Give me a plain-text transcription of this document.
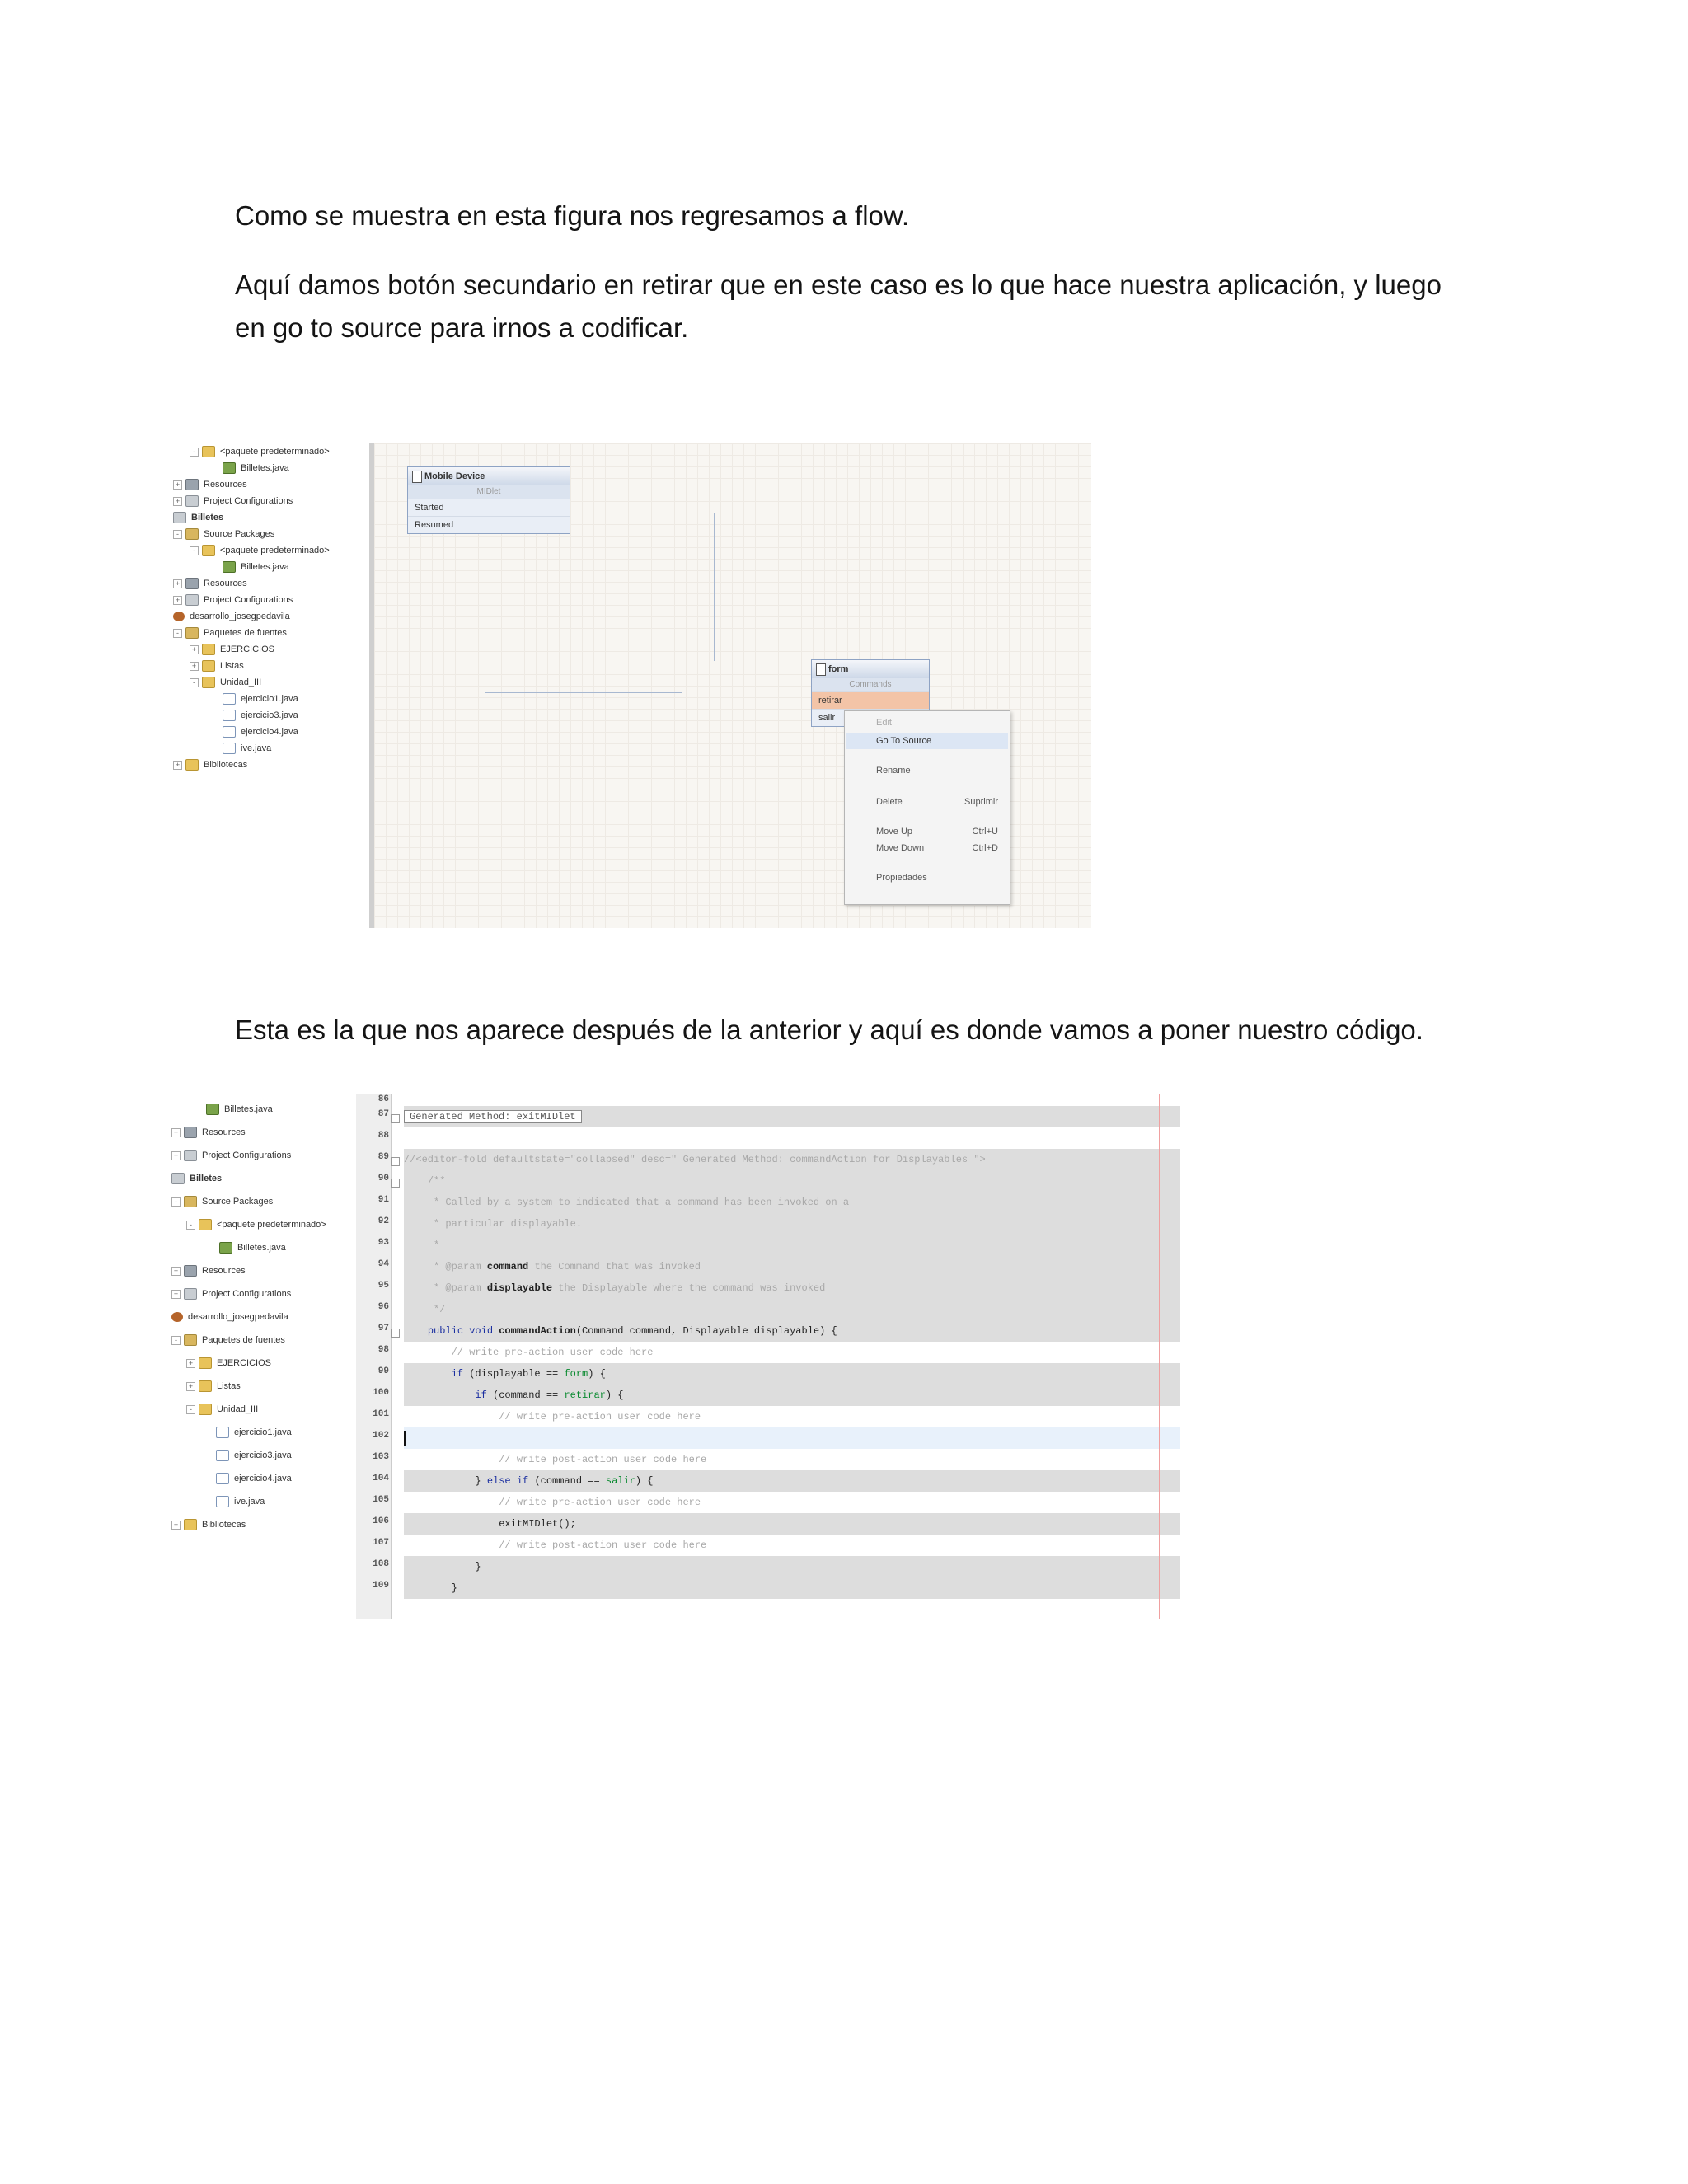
Como se muestra en esta figura nos regresamos a flow.

Aquí damos botón secundario en retirar que en este caso es lo que hace nuestra aplicación, y luego en go to source para irnos a codificar.

-	<paquete predeterminado>
Billetes.java
+	Resources
+	Project Configurations
Billetes
-	Source Packages
-	<paquete predeterminado>
Billetes.java
+	Resources
+	Project Configurations
desarrollo_josegpedavila
-	Paquetes de fuentes
+	EJERCICIOS
+	Listas
-	Unidad_III
ejercicio1.java
ejercicio3.java
ejercicio4.java
ive.java
+	Bibliotecas
Mobile Device
MIDlet
Started
Resumed
form
Commands
retirar
salir	Edit
Go To Source
Rename
Delete	Suprimir
Move Up	Ctrl+U
Move Down	Ctrl+D
Propiedades

Esta es la que nos aparece después de la anterior y aquí es donde vamos a poner nuestro código.

Billetes.java
+	Resources
+	Project Configurations
Billetes
-	Source Packages
-	<paquete predeterminado>
Billetes.java
+	Resources
+	Project Configurations
desarrollo_josegpedavila
-	Paquetes de fuentes
+	EJERCICIOS
+	Listas
-	Unidad_III
ejercicio1.java
ejercicio3.java
ejercicio4.java
ive.java
+	Bibliotecas
86
87
88
89
90
91
92
93
94
95
96
97
98
99
100
101
102
103
104
105
106
107
108
109
Generated Method: exitMIDlet
//<editor-fold defaultstate="collapsed" desc=" Generated Method: commandAction for Displayables ">
/**
* Called by a system to indicated that a command has been invoked on a
* particular displayable.
*
* @param command the Command that was invoked
* @param displayable the Displayable where the command was invoked
*/
public void commandAction(Command command, Displayable displayable) {
// write pre-action user code here
if (displayable == form) {
if (command == retirar) {
// write pre-action user code here
// write post-action user code here
} else if (command == salir) {
// write pre-action user code here
exitMIDlet();
// write post-action user code here
}
}
